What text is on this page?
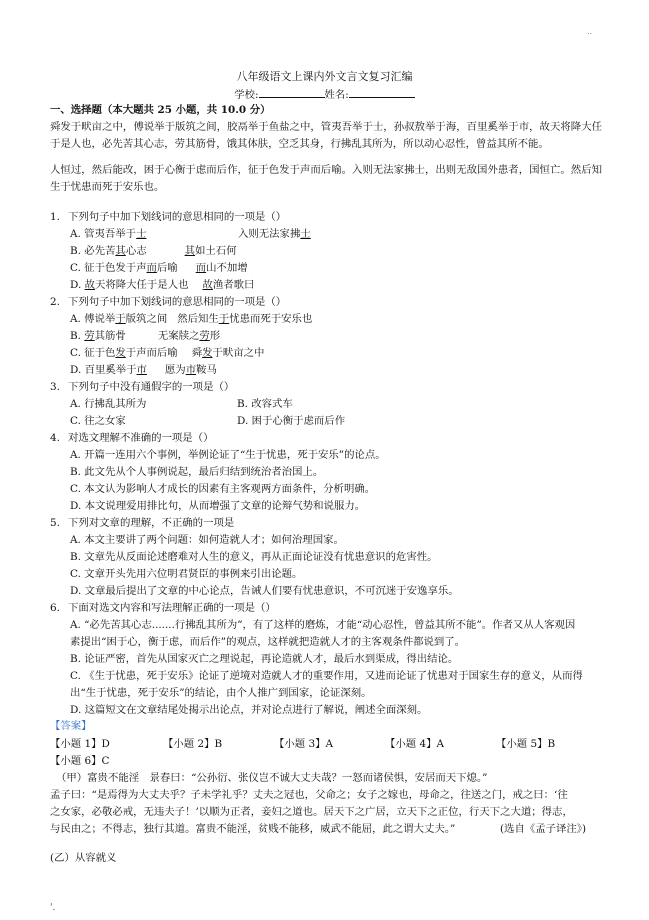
..
八年级语文上课内外文言文复习汇编
学校:	姓名:
一、选择题（本大题共 25 小题，共 10.0 分）
舜发于畎亩之中，傅说举于版筑之间，胶鬲举于鱼盐之中，管夷吾举于士，孙叔敖举于海，百里奚举于市，故天将降大任于是人也，必先苦其心志，劳其筋骨，饿其体肤，空乏其身，行拂乱其所为，所以动心忍性，曾益其所不能。
人恒过，然后能改，困于心衡于虑而后作，征于色发于声而后喻。入则无法家拂士，出则无敌国外患者，国恒亡。然后知生于忧患而死于安乐也。
1. 下列句子中加下划线词的意思相同的一项是（）
A. 管夷吾举于士	入则无法家拂士
B. 必先苦其心志	其如土石何
C. 征于色发于声而后喻 而山不加增
D. 故天将降大任于是人也 故渔者歌曰
2. 下列句子中加下划线词的意思相同的一项是（）
A. 傅说举于版筑之间 然后知生于忧患而死于安乐也
B. 劳其筋骨	无案牍之劳形
C. 征于色发于声而后喻 舜发于畎亩之中
D. 百里奚举于市 愿为市鞍马
3. 下列句子中没有通假字的一项是（）
A. 行拂乱其所为	B. 改容式车
C. 往之女家	D. 困于心衡于虑而后作
4. 对选文理解不准确的一项是（）
A. 开篇一连用六个事例，举例论证了“生于忧患，死于安乐”的论点。
B. 此文先从个人事例说起，最后归结到统治者治国上。
C. 本文认为影响人才成长的因素有主客观两方面条件，分析明确。
D. 本文说理爱用排比句，从而增强了文章的论辩气势和说服力。
5. 下列对文章的理解，不正确的一项是
A. 本文主要讲了两个问题：如何造就人才；如何治理国家。
B. 文章先从反面论述磨难对人生的意义，再从正面论证没有忧患意识的危害性。
C. 文章开头先用六位明君贤臣的事例来引出论题。
D. 文章最后提出了文章的中心论点，告诫人们要有忧患意识，不可沉迷于安逸享乐。
6. 下面对选文内容和写法理解正确的一项是（）
A. “必先苦其心志.......行拂乱其所为”，有了这样的磨炼，才能“动心忍性，曾益其所不能”。作者又从人客观因
素提出“困于心，衡于虑，而后作”的观点，这样就把造就人才的主客观条件都说到了。
B. 论证严密，首先从国家灭亡之理说起，再论造就人才，最后水到渠成，得出结论。
C. 《生于忧患，死于安乐》论证了逆境对造就人才的重要作用，又进而论证了忧患对于国家生存的意义，从而得
出“生于忧患，死于安乐”的结论，由个人推广到国家，论证深刻。
D. 这篇短文在文章结尾处揭示出论点，并对论点进行了解说，阐述全面深刻。
【答案】
【小题 1】D	【小题 2】B	【小题 3】A	【小题 4】A	【小题 5】B
【小题 6】C
（甲）富贵不能淫　景春曰：“公孙衍、张仪岂不诚大丈夫哉？一怒而诸侯惧，安居而天下熄。”
孟子曰：“是焉得为大丈夫乎？子未学礼乎？丈夫之冠也，父命之；女子之嫁也，母命之，往送之门，戒之曰：‘往
之女家，必敬必戒，无违夫子！’以顺为正者，妾妇之道也。居天下之广居，立天下之正位，行天下之大道；得志，
与民由之；不得志，独行其道。富贵不能淫，贫贱不能移，威武不能屈，此之谓大丈夫。”	(选自《孟子译注》)
(乙）从容就义
'.
